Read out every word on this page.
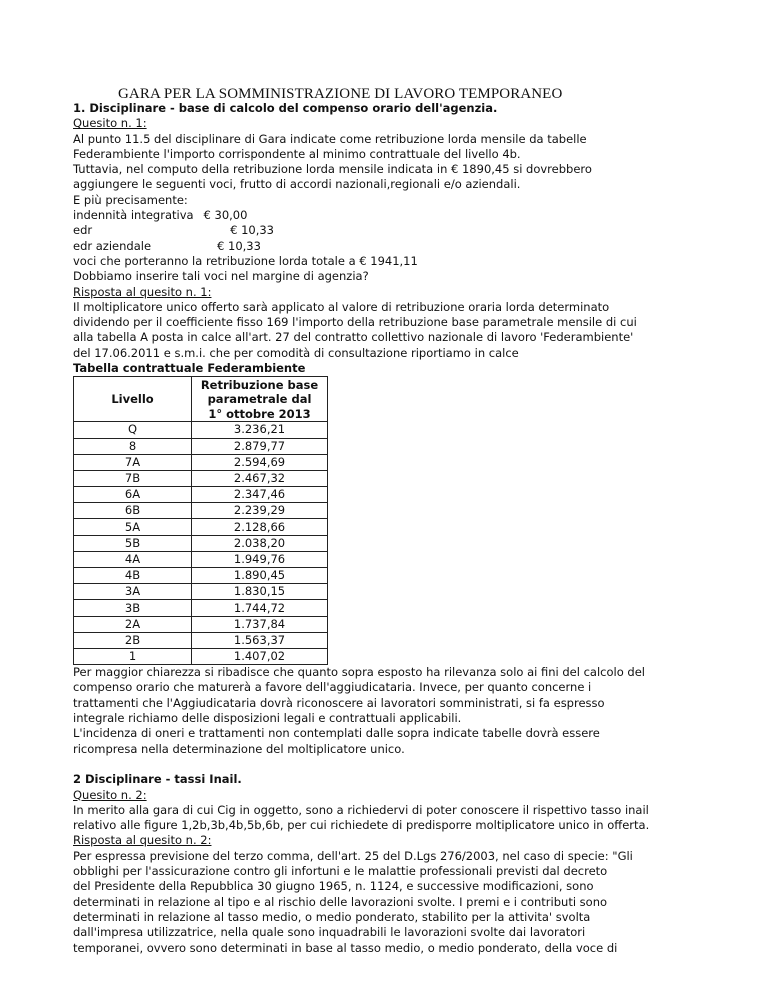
GARA PER LA SOMMINISTRAZIONE DI LAVORO TEMPORANEO
1. Disciplinare - base di calcolo del compenso orario dell'agenzia.
Quesito n. 1:
Al punto 11.5 del disciplinare di Gara indicate come retribuzione lorda mensile da tabelle
Federambiente l'importo corrispondente al minimo contrattuale del livello 4b.
Tuttavia, nel computo della retribuzione lorda mensile indicata in € 1890,45 si dovrebbero
aggiungere le seguenti voci, frutto di accordi nazionali,regionali e/o aziendali.
E più precisamente:
indennità integrativa € 30,00
edr	€ 10,33
edr aziendale	€ 10,33
voci che porteranno la retribuzione lorda totale a € 1941,11
Dobbiamo inserire tali voci nel margine di agenzia?
Risposta al quesito n. 1:
Il moltiplicatore unico offerto sarà applicato al valore di retribuzione oraria lorda determinato
dividendo per il coefficiente fisso 169 l'importo della retribuzione base parametrale mensile di cui
alla tabella A posta in calce all'art. 27 del contratto collettivo nazionale di lavoro 'Federambiente'
del 17.06.2011 e s.m.i. che per comodità di consultazione riportiamo in calce
Tabella contrattuale Federambiente
Livello	Retribuzione base
parametrale dal
1° ottobre 2013

Q	3.236,21
8	2.879,77
7A	2.594,69
7B	2.467,32
6A	2.347,46
6B	2.239,29
5A	2.128,66
5B	2.038,20
4A	1.949,76
4B	1.890,45
3A	1.830,15
3B	1.744,72
2A	1.737,84
2B	1.563,37
1	1.407,02
Per maggior chiarezza si ribadisce che quanto sopra esposto ha rilevanza solo ai fini del calcolo del
compenso orario che maturerà a favore dell'aggiudicataria. Invece, per quanto concerne i
trattamenti che l'Aggiudicataria dovrà riconoscere ai lavoratori somministrati, si fa espresso
integrale richiamo delle disposizioni legali e contrattuali applicabili.
L'incidenza di oneri e trattamenti non contemplati dalle sopra indicate tabelle dovrà essere
ricompresa nella determinazione del moltiplicatore unico.
2 Disciplinare - tassi Inail.
Quesito n. 2:
In merito alla gara di cui Cig in oggetto, sono a richiedervi di poter conoscere il rispettivo tasso inail
relativo alle figure 1,2b,3b,4b,5b,6b, per cui richiedete di predisporre moltiplicatore unico in offerta.
Risposta al quesito n. 2:
Per espressa previsione del terzo comma, dell'art. 25 del D.Lgs 276/2003, nel caso di specie: "Gli
obblighi per l'assicurazione contro gli infortuni e le malattie professionali previsti dal decreto
del Presidente della Repubblica 30 giugno 1965, n. 1124, e successive modificazioni, sono
determinati in relazione al tipo e al rischio delle lavorazioni svolte. I premi e i contributi sono
determinati in relazione al tasso medio, o medio ponderato, stabilito per la attivita' svolta
dall'impresa utilizzatrice, nella quale sono inquadrabili le lavorazioni svolte dai lavoratori
temporanei, ovvero sono determinati in base al tasso medio, o medio ponderato, della voce di
